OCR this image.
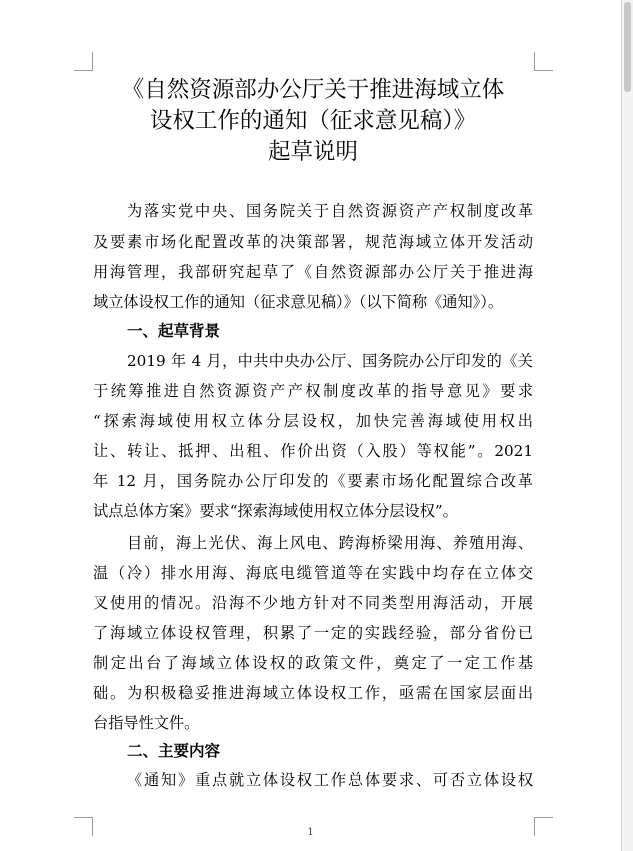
《自然资源部办公厅关于推进海域立体
设权工作的通知（征求意见稿）》
起草说明

为落实党中央、国务院关于自然资源资产产权制度改革

及要素市场化配置改革的决策部署，规范海域立体开发活动

用海管理，我部研究起草了《自然资源部办公厅关于推进海

域立体设权工作的通知（征求意见稿）》（以下简称《通知》）。

一、起草背景

2019 年 4 月，中共中央办公厅、国务院办公厅印发的《关

于统筹推进自然资源资产产权制度改革的指导意见》要求

“探索海域使用权立体分层设权，加快完善海域使用权出

让、转让、抵押、出租、作价出资（入股）等权能”。2021

年 12 月，国务院办公厅印发的《要素市场化配置综合改革

试点总体方案》要求“探索海域使用权立体分层设权”。

目前，海上光伏、海上风电、跨海桥梁用海、养殖用海、

温（冷）排水用海、海底电缆管道等在实践中均存在立体交

叉使用的情况。沿海不少地方针对不同类型用海活动，开展

了海域立体设权管理，积累了一定的实践经验，部分省份已

制定出台了海域立体设权的政策文件，奠定了一定工作基

础。为积极稳妥推进海域立体设权工作，亟需在国家层面出

台指导性文件。

二、主要内容

《通知》重点就立体设权工作总体要求、可否立体设权

1
